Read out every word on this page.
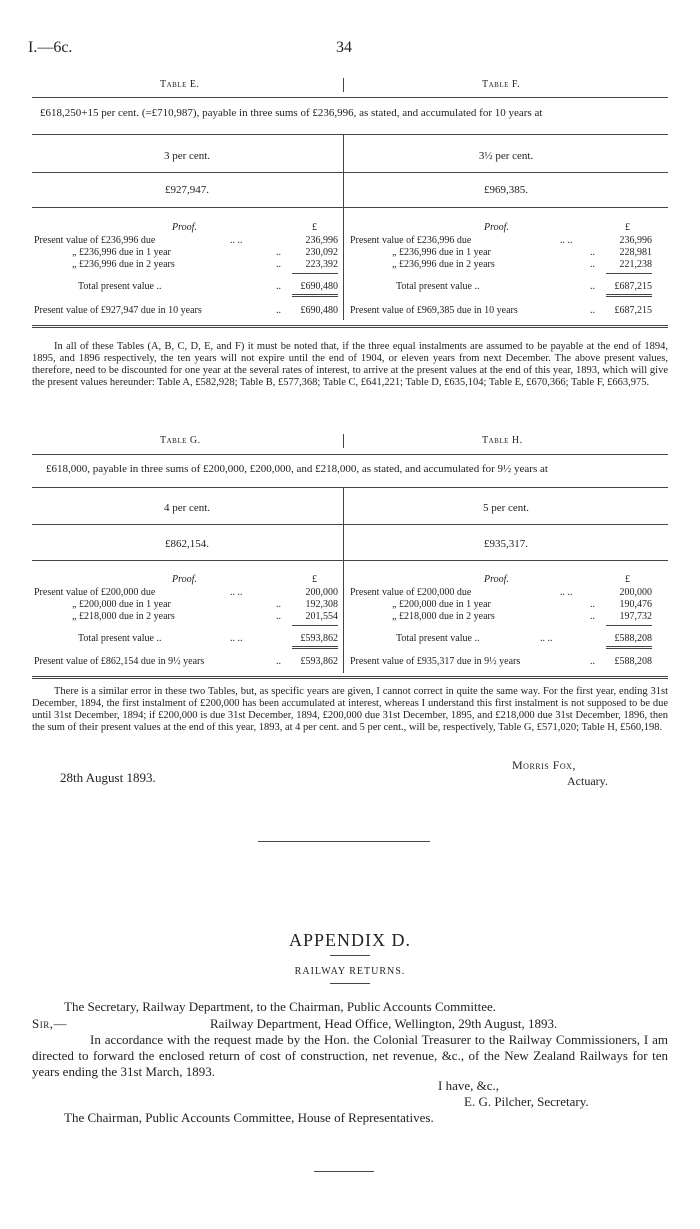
I.—6c.	34
Table E.	Table F.
£618,250+15 per cent. (=£710,987), payable in three sums of £236,996, as stated, and accumulated for 10 years at
3 per cent.	3½ per cent.
£927,947.	£969,385.
Proof.	£
Present value of £236,996 due	.. ..	236,996
„ £236,996 due in 1 year	..	230,092
„ £236,996 due in 2 years	..	223,392
Total present value ..	..	£690,480
Present value of £927,947 due in 10 years	..	£690,480
Proof.	£
Present value of £236,996 due	.. ..	236,996
„ £236,996 due in 1 year	..	228,981
„ £236,996 due in 2 years	..	221,238
Total present value ..	..	£687,215
Present value of £969,385 due in 10 years	..	£687,215
In all of these Tables (A, B, C, D, E, and F) it must be noted that, if the three equal instalments are assumed to be payable at the end of 1894, 1895, and 1896 respectively, the ten years will not expire until the end of 1904, or eleven years from next December. The above present values, therefore, need to be discounted for one year at the several rates of interest, to arrive at the present values at the end of this year, 1893, which will give the present values hereunder: Table A, £582,928; Table B, £577,368; Table C, £641,221; Table D, £635,104; Table E, £670,366; Table F, £663,975.
Table G.	Table H.
£618,000, payable in three sums of £200,000, £200,000, and £218,000, as stated, and accumulated for 9½ years at
4 per cent.	5 per cent.
£862,154.	£935,317.
Proof.	£
Present value of £200,000 due	.. ..	200,000
„ £200,000 due in 1 year	..	192,308
„ £218,000 due in 2 years	..	201,554
Total present value ..	.. ..	£593,862
Present value of £862,154 due in 9½ years	..	£593,862
Proof.	£
Present value of £200,000 due	.. ..	200,000
„ £200,000 due in 1 year	..	190,476
„ £218,000 due in 2 years	..	197,732
Total present value ..	.. ..	£588,208
Present value of £935,317 due in 9½ years	..	£588,208
There is a similar error in these two Tables, but, as specific years are given, I cannot correct in quite the same way. For the first year, ending 31st December, 1894, the first instalment of £200,000 has been accumulated at interest, whereas I understand this first instalment is not supposed to be due until 31st December, 1894; if £200,000 is due 31st December, 1894, £200,000 due 31st December, 1895, and £218,000 due 31st December, 1896, then the sum of their present values at the end of this year, 1893, at 4 per cent. and 5 per cent., will be, respectively, Table G, £571,020; Table H, £560,198.
28th August 1893.
Morris Fox,
Actuary.
APPENDIX D.
RAILWAY RETURNS.
The Secretary, Railway Department, to the Chairman, Public Accounts Committee.
Sir,—	Railway Department, Head Office, Wellington, 29th August, 1893.
In accordance with the request made by the Hon. the Colonial Treasurer to the Railway Commissioners, I am directed to forward the enclosed return of cost of construction, net revenue, &c., of the New Zealand Railways for ten years ending the 31st March, 1893.
I have, &c.,
E. G. Pilcher, Secretary.
The Chairman, Public Accounts Committee, House of Representatives.
